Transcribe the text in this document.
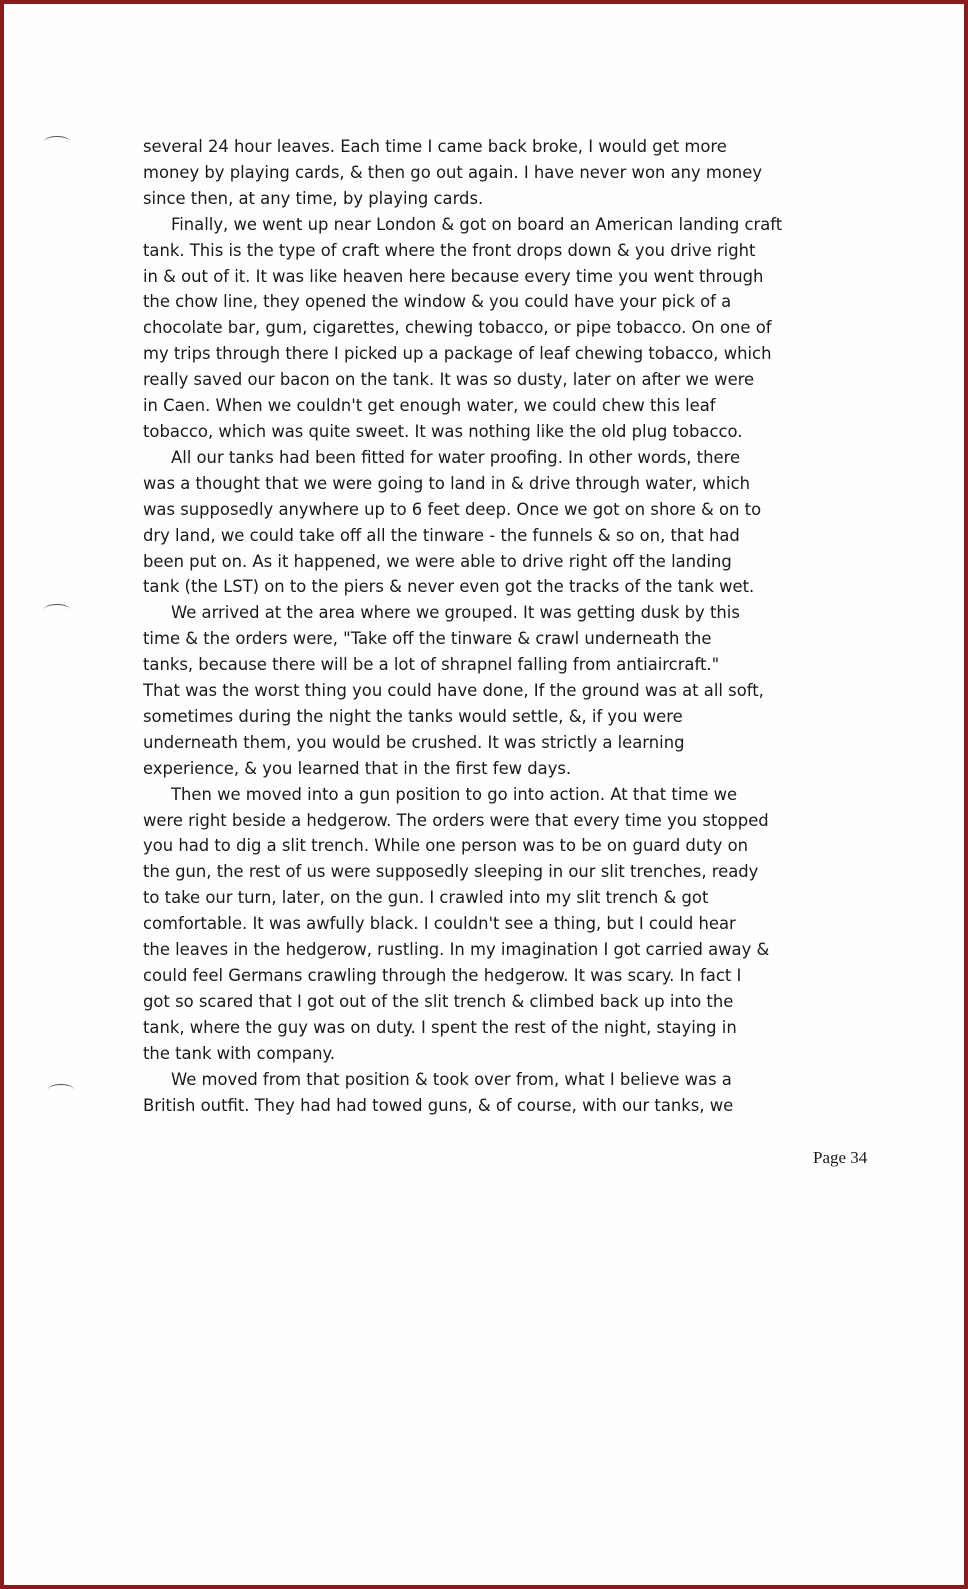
several 24 hour leaves. Each time I came back broke, I would get more
money by playing cards, & then go out again. I have never won any money
since then, at any time, by playing cards.
Finally, we went up near London & got on board an American landing craft
tank. This is the type of craft where the front drops down & you drive right
in & out of it. It was like heaven here because every time you went through
the chow line, they opened the window & you could have your pick of a
chocolate bar, gum, cigarettes, chewing tobacco, or pipe tobacco. On one of
my trips through there I picked up a package of leaf chewing tobacco, which
really saved our bacon on the tank. It was so dusty, later on after we were
in Caen. When we couldn't get enough water, we could chew this leaf
tobacco, which was quite sweet. It was nothing like the old plug tobacco.
All our tanks had been fitted for water proofing. In other words, there
was a thought that we were going to land in & drive through water, which
was supposedly anywhere up to 6 feet deep. Once we got on shore & on to
dry land, we could take off all the tinware - the funnels & so on, that had
been put on. As it happened, we were able to drive right off the landing
tank (the LST) on to the piers & never even got the tracks of the tank wet.
We arrived at the area where we grouped. It was getting dusk by this
time & the orders were, "Take off the tinware & crawl underneath the
tanks, because there will be a lot of shrapnel falling from antiaircraft."
That was the worst thing you could have done, If the ground was at all soft,
sometimes during the night the tanks would settle, &, if you were
underneath them, you would be crushed. It was strictly a learning
experience, & you learned that in the first few days.
Then we moved into a gun position to go into action. At that time we
were right beside a hedgerow. The orders were that every time you stopped
you had to dig a slit trench. While one person was to be on guard duty on
the gun, the rest of us were supposedly sleeping in our slit trenches, ready
to take our turn, later, on the gun. I crawled into my slit trench & got
comfortable. It was awfully black. I couldn't see a thing, but I could hear
the leaves in the hedgerow, rustling. In my imagination I got carried away &
could feel Germans crawling through the hedgerow. It was scary. In fact I
got so scared that I got out of the slit trench & climbed back up into the
tank, where the guy was on duty. I spent the rest of the night, staying in
the tank with company.
We moved from that position & took over from, what I believe was a
British outfit. They had had towed guns, & of course, with our tanks, we
Page 34
